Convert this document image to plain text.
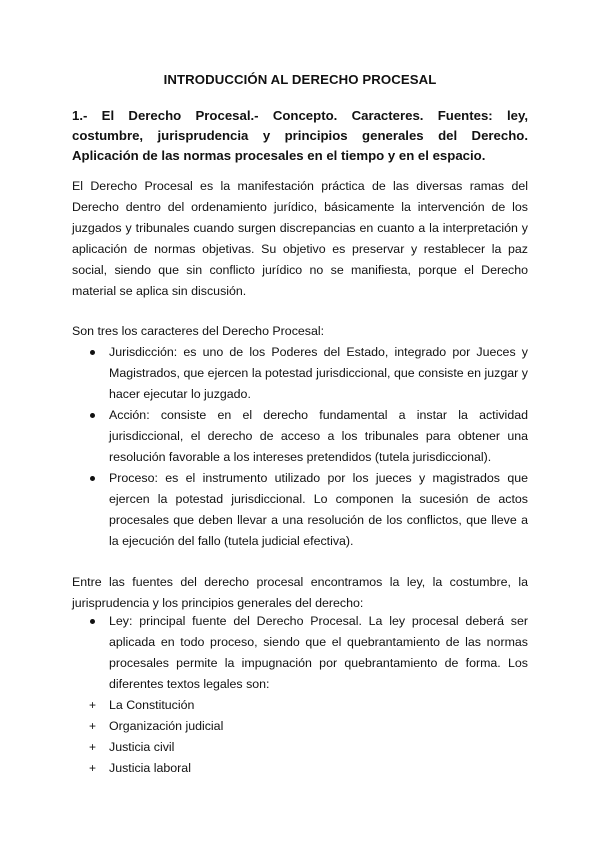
INTRODUCCIÓN AL DERECHO PROCESAL
1.- El Derecho Procesal.- Concepto. Caracteres. Fuentes: ley, costumbre, jurisprudencia y principios generales del Derecho. Aplicación de las normas procesales en el tiempo y en el espacio.

El Derecho Procesal es la manifestación práctica de las diversas ramas del Derecho dentro del ordenamiento jurídico, básicamente la intervención de los juzgados y tribunales cuando surgen discrepancias en cuanto a la interpretación y aplicación de normas objetivas. Su objetivo es preservar y restablecer la paz social, siendo que sin conflicto jurídico no se manifiesta, porque el Derecho material se aplica sin discusión.

Son tres los caracteres del Derecho Procesal:

Jurisdicción: es uno de los Poderes del Estado, integrado por Jueces y Magistrados, que ejercen la potestad jurisdiccional, que consiste en juzgar y hacer ejecutar lo juzgado.
Acción: consiste en el derecho fundamental a instar la actividad jurisdiccional, el derecho de acceso a los tribunales para obtener una resolución favorable a los intereses pretendidos (tutela jurisdiccional).
Proceso: es el instrumento utilizado por los jueces y magistrados que ejercen la potestad jurisdiccional. Lo componen la sucesión de actos procesales que deben llevar a una resolución de los conflictos, que lleve a la ejecución del fallo (tutela judicial efectiva).

Entre las fuentes del derecho procesal encontramos la ley, la costumbre, la jurisprudencia y los principios generales del derecho:

Ley: principal fuente del Derecho Procesal. La ley procesal deberá ser aplicada en todo proceso, siendo que el quebrantamiento de las normas procesales permite la impugnación por quebrantamiento de forma. Los diferentes textos legales son:
+	La Constitución
+	Organización judicial
+	Justicia civil
+	Justicia laboral
